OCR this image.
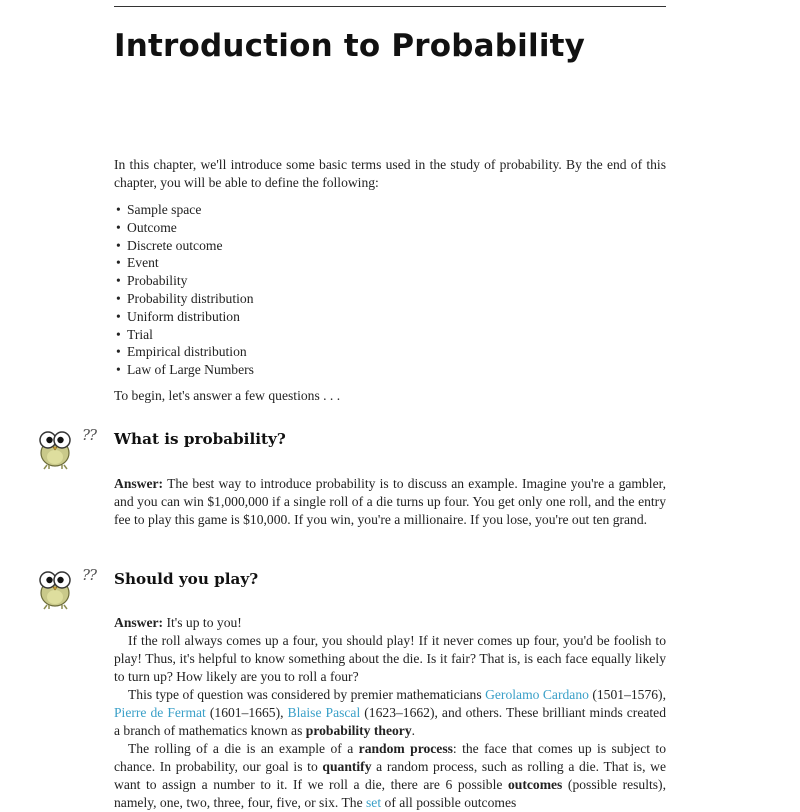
Introduction to Probability

In this chapter, we'll introduce some basic terms used in the study of probability. By the end of this chapter, you will be able to define the following:

• Sample space
• Outcome
• Discrete outcome
• Event
• Probability
• Probability distribution
• Uniform distribution
• Trial
• Empirical distribution
• Law of Large Numbers

To begin, let's answer a few questions . . .

?? What is probability?

Answer: The best way to introduce probability is to discuss an example. Imagine you're a gambler, and you can win $1,000,000 if a single roll of a die turns up four. You get only one roll, and the entry fee to play this game is $10,000. If you win, you're a millionaire. If you lose, you're out ten grand.

?? Should you play?

Answer: It's up to you!

If the roll always comes up a four, you should play! If it never comes up four, you'd be foolish to play! Thus, it's helpful to know something about the die. Is it fair? That is, is each face equally likely to turn up? How likely are you to roll a four?

This type of question was considered by premier mathematicians Gerolamo Cardano (1501–1576), Pierre de Fermat (1601–1665), Blaise Pascal (1623–1662), and others. These brilliant minds created a branch of mathematics known as probability theory.

The rolling of a die is an example of a random process: the face that comes up is subject to chance. In probability, our goal is to quantify a random process, such as rolling a die. That is, we want to assign a number to it. If we roll a die, there are 6 possible outcomes (possible results), namely, one, two, three, four, five, or six. The set of all possible outcomes
